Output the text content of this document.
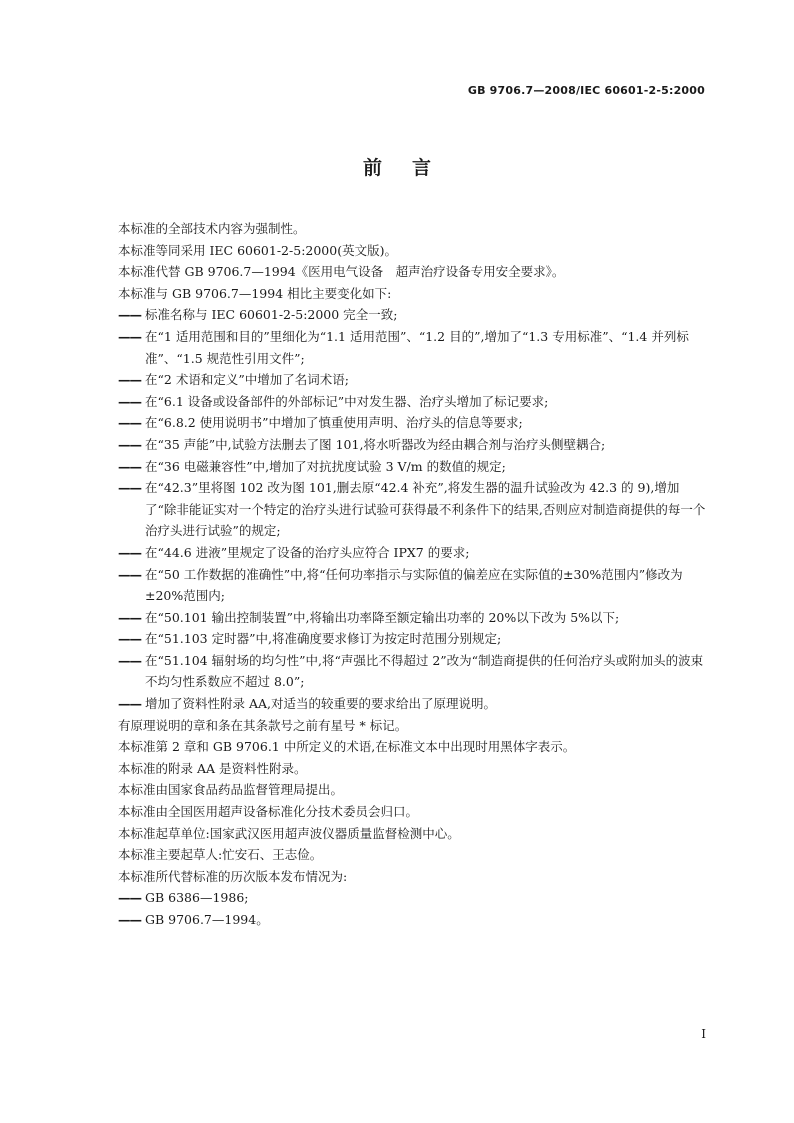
GB 9706.7—2008/IEC 60601-2-5:2000
前言
本标准的全部技术内容为强制性。
本标准等同采用 IEC 60601-2-5:2000(英文版)。
本标准代替 GB 9706.7—1994《医用电气设备　超声治疗设备专用安全要求》。
本标准与 GB 9706.7—1994 相比主要变化如下:
—— 标准名称与 IEC 60601-2-5:2000 完全一致;
—— 在“1 适用范围和目的”里细化为“1.1 适用范围”、“1.2 目的”,增加了“1.3 专用标准”、“1.4 并列标准”、“1.5 规范性引用文件”;
—— 在“2 术语和定义”中增加了名词术语;
—— 在“6.1 设备或设备部件的外部标记”中对发生器、治疗头增加了标记要求;
—— 在“6.8.2 使用说明书”中增加了慎重使用声明、治疗头的信息等要求;
—— 在“35 声能”中,试验方法删去了图 101,将水听器改为经由耦合剂与治疗头侧壁耦合;
—— 在“36 电磁兼容性”中,增加了对抗扰度试验 3 V/m 的数值的规定;
—— 在“42.3”里将图 102 改为图 101,删去原“42.4 补充”,将发生器的温升试验改为 42.3 的 9),增加了“除非能证实对一个特定的治疗头进行试验可获得最不利条件下的结果,否则应对制造商提供的每一个治疗头进行试验”的规定;
—— 在“44.6 进液”里规定了设备的治疗头应符合 IPX7 的要求;
—— 在“50 工作数据的准确性”中,将“任何功率指示与实际值的偏差应在实际值的±30%范围内”修改为±20%范围内;
—— 在“50.101 输出控制装置”中,将输出功率降至额定输出功率的 20%以下改为 5%以下;
—— 在“51.103 定时器”中,将准确度要求修订为按定时范围分别规定;
—— 在“51.104 辐射场的均匀性”中,将“声强比不得超过 2”改为“制造商提供的任何治疗头或附加头的波束不均匀性系数应不超过 8.0”;
—— 增加了资料性附录 AA,对适当的较重要的要求给出了原理说明。
有原理说明的章和条在其条款号之前有星号 * 标记。
本标准第 2 章和 GB 9706.1 中所定义的术语,在标准文本中出现时用黑体字表示。
本标准的附录 AA 是资料性附录。
本标准由国家食品药品监督管理局提出。
本标准由全国医用超声设备标准化分技术委员会归口。
本标准起草单位:国家武汉医用超声波仪器质量监督检测中心。
本标准主要起草人:忙安石、王志俭。
本标准所代替标准的历次版本发布情况为:
—— GB 6386—1986;
—— GB 9706.7—1994。
I
